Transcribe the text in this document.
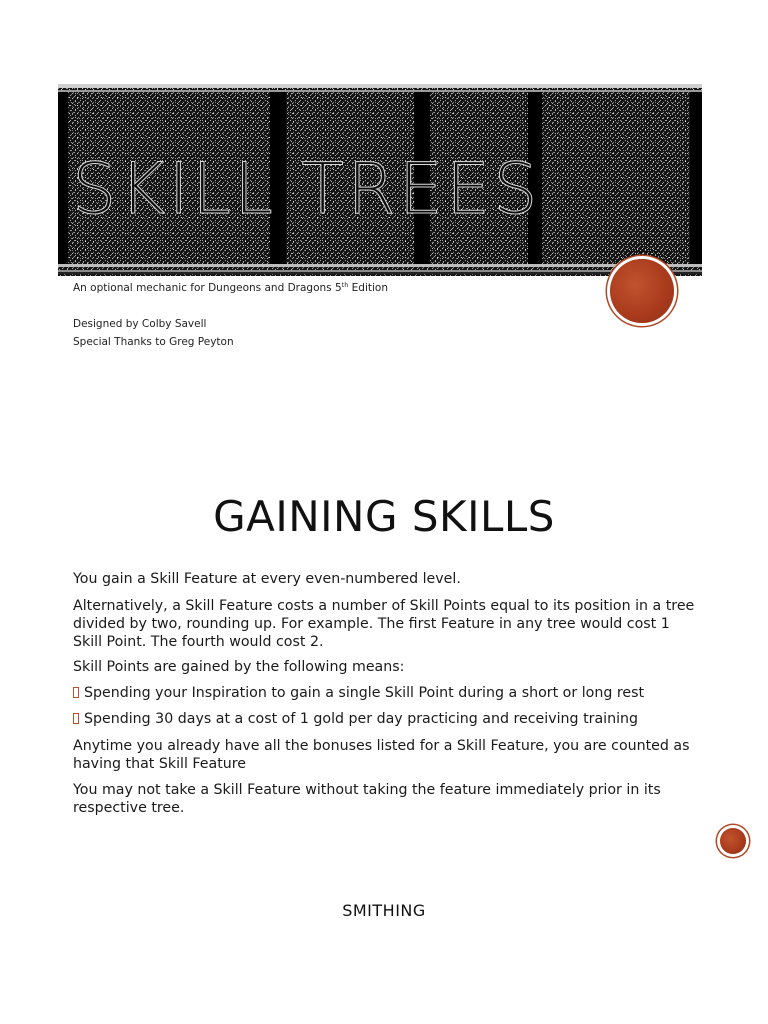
SKILL TREES
An optional mechanic for Dungeons and Dragons 5th Edition
Designed by Colby Savell
Special Thanks to Greg Peyton
GAINING SKILLS
You gain a Skill Feature at every even-numbered level.
Alternatively, a Skill Feature costs a number of Skill Points equal to its position in a tree divided by two, rounding up. For example. The first Feature in any tree would cost 1 Skill Point. The fourth would cost 2.
Skill Points are gained by the following means:
Spending your Inspiration to gain a single Skill Point during a short or long rest
Spending 30 days at a cost of 1 gold per day practicing and receiving training
Anytime you already have all the bonuses listed for a Skill Feature, you are counted as having that Skill Feature
You may not take a Skill Feature without taking the feature immediately prior in its respective tree.
SMITHING
